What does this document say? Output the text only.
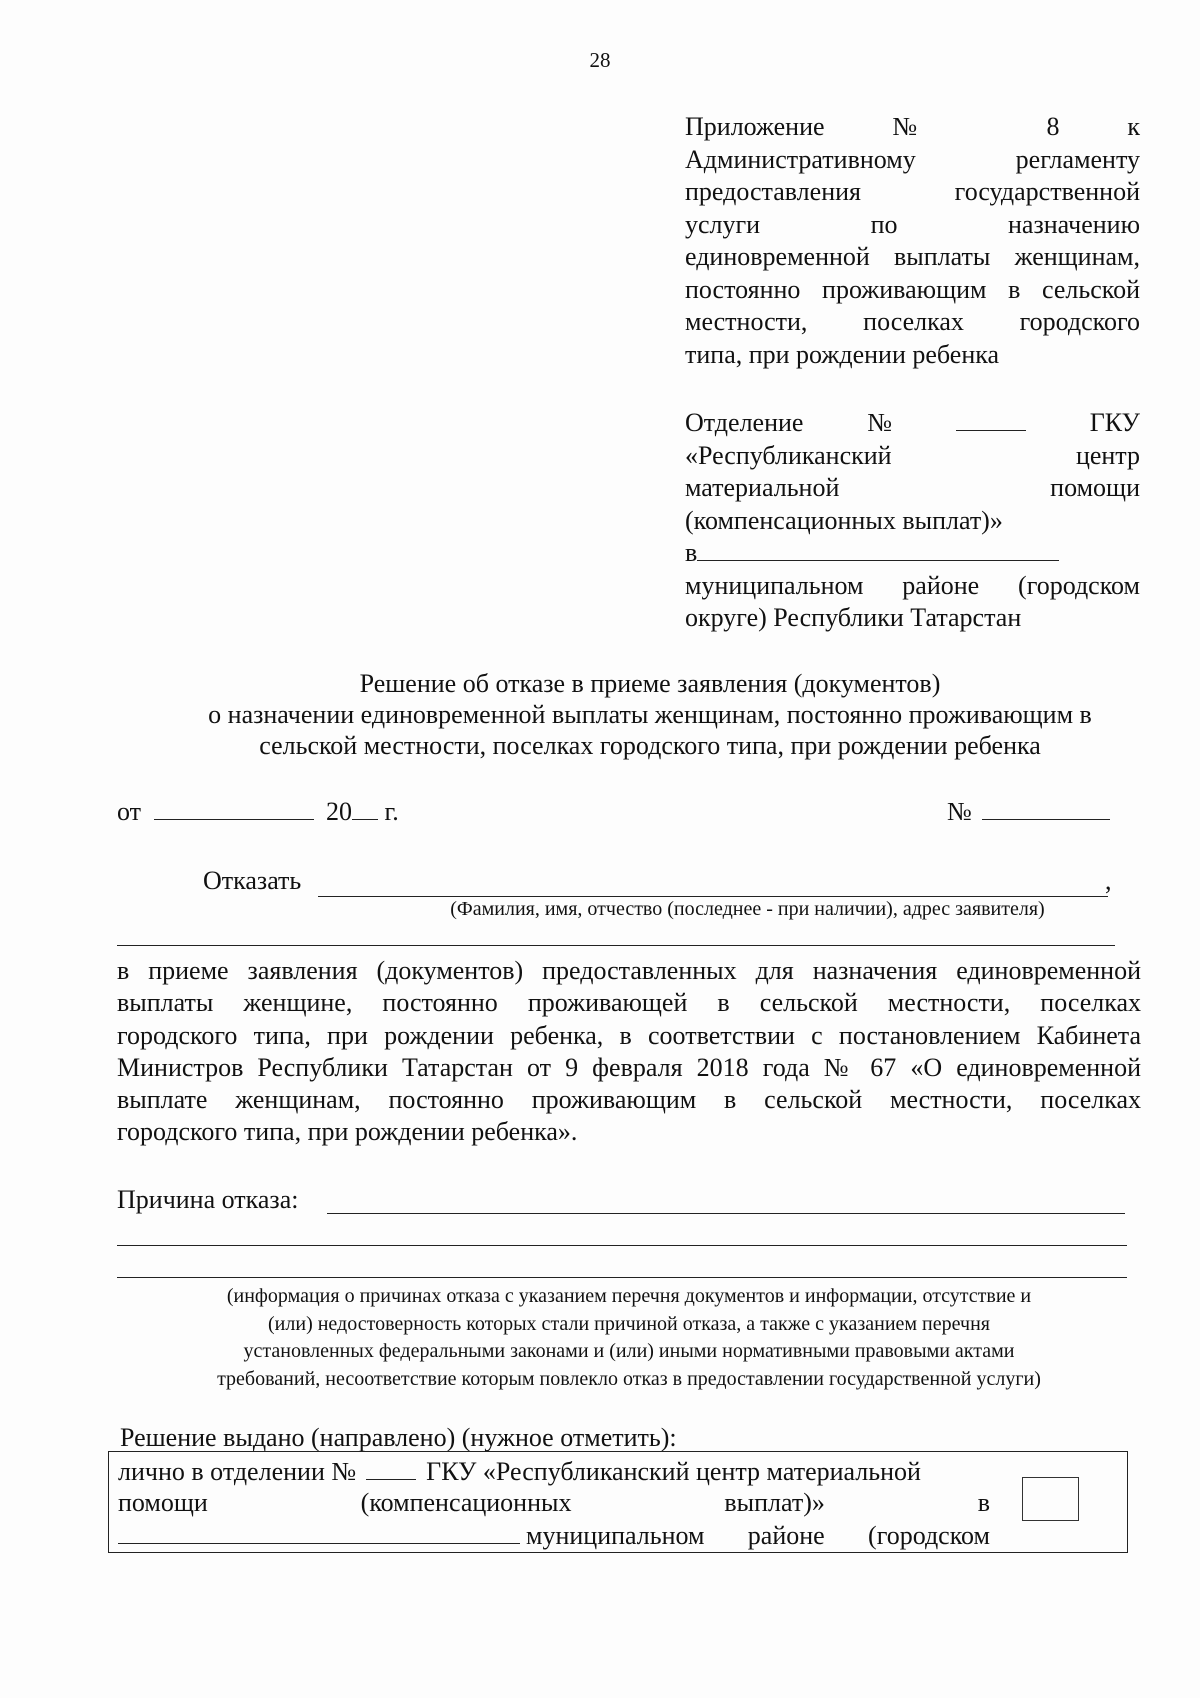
28
Приложение № 8 к
Административному регламенту
предоставления государственной
услуги по назначению
единовременной выплаты женщинам,
постоянно проживающим в сельской
местности, поселках городского
типа, при рождении ребенка
Отделение №	ГКУ
«Республиканский центр
материальной помощи
(компенсационных выплат)»
в
муниципальном районе (городском
округе) Республики Татарстан
Решение об отказе в приеме заявления (документов)
о назначении единовременной выплаты женщинам, постоянно проживающим в
сельской местности, поселках городского типа, при рождении ребенка
от	20 г.	№
Отказать	,
(Фамилия, имя, отчество (последнее - при наличии), адрес заявителя)
в приеме заявления (документов) предоставленных для назначения единовременной
выплаты женщине, постоянно проживающей в сельской местности, поселках
городского типа, при рождении ребенка, в соответствии с постановлением Кабинета
Министров Республики Татарстан от 9 февраля 2018 года № 67 «О единовременной
выплате женщинам, постоянно проживающим в сельской местности, поселках
городского типа, при рождении ребенка».
Причина отказа:
(информация о причинах отказа с указанием перечня документов и информации, отсутствие и
(или) недостоверность которых стали причиной отказа, а также с указанием перечня
установленных федеральными законами и (или) иными нормативными правовыми актами
требований, несоответствие которым повлекло отказ в предоставлении государственной услуги)
Решение выдано (направлено) (нужное отметить):
лично в отделении №	ГКУ «Республиканский центр материальной
помощи (компенсационных выплат)» в
муниципальном районе (городском
